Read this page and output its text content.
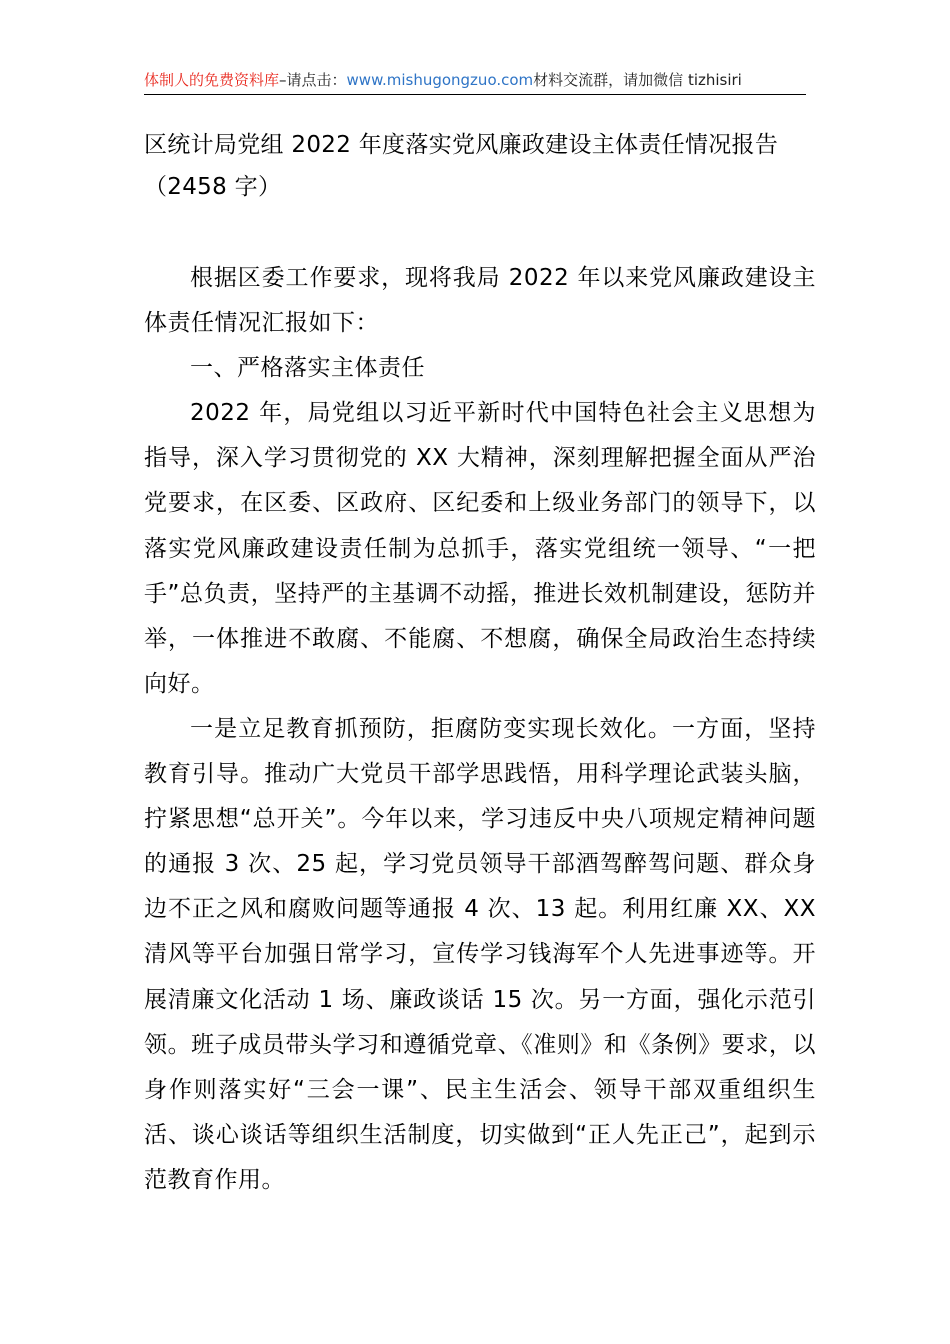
体制人的免费资料库–请点击：www.mishugongzuo.com材料交流群，请加微信 tizhisiri
区统计局党组 2022 年度落实党风廉政建设主体责任情况报告
（2458 字）

根据区委工作要求，现将我局 2022 年以来党风廉政建设主体责任情况汇报如下：

一、严格落实主体责任

2022 年，局党组以习近平新时代中国特色社会主义思想为指导，深入学习贯彻党的 XX 大精神，深刻理解把握全面从严治党要求，在区委、区政府、区纪委和上级业务部门的领导下，以落实党风廉政建设责任制为总抓手，落实党组统一领导、“一把手”总负责，坚持严的主基调不动摇，推进长效机制建设，惩防并举，一体推进不敢腐、不能腐、不想腐，确保全局政治生态持续向好。

一是立足教育抓预防，拒腐防变实现长效化。一方面，坚持教育引导。推动广大党员干部学思践悟，用科学理论武装头脑，拧紧思想“总开关”。今年以来，学习违反中央八项规定精神问题的通报 3 次、25 起，学习党员领导干部酒驾醉驾问题、群众身边不正之风和腐败问题等通报 4 次、13 起。利用红廉 XX、XX 清风等平台加强日常学习，宣传学习钱海军个人先进事迹等。开展清廉文化活动 1 场、廉政谈话 15 次。另一方面，强化示范引领。班子成员带头学习和遵循党章、《准则》和《条例》要求，以身作则落实好“三会一课”、民主生活会、领导干部双重组织生活、谈心谈话等组织生活制度，切实做到“正人先正己”，起到示范教育作用。
